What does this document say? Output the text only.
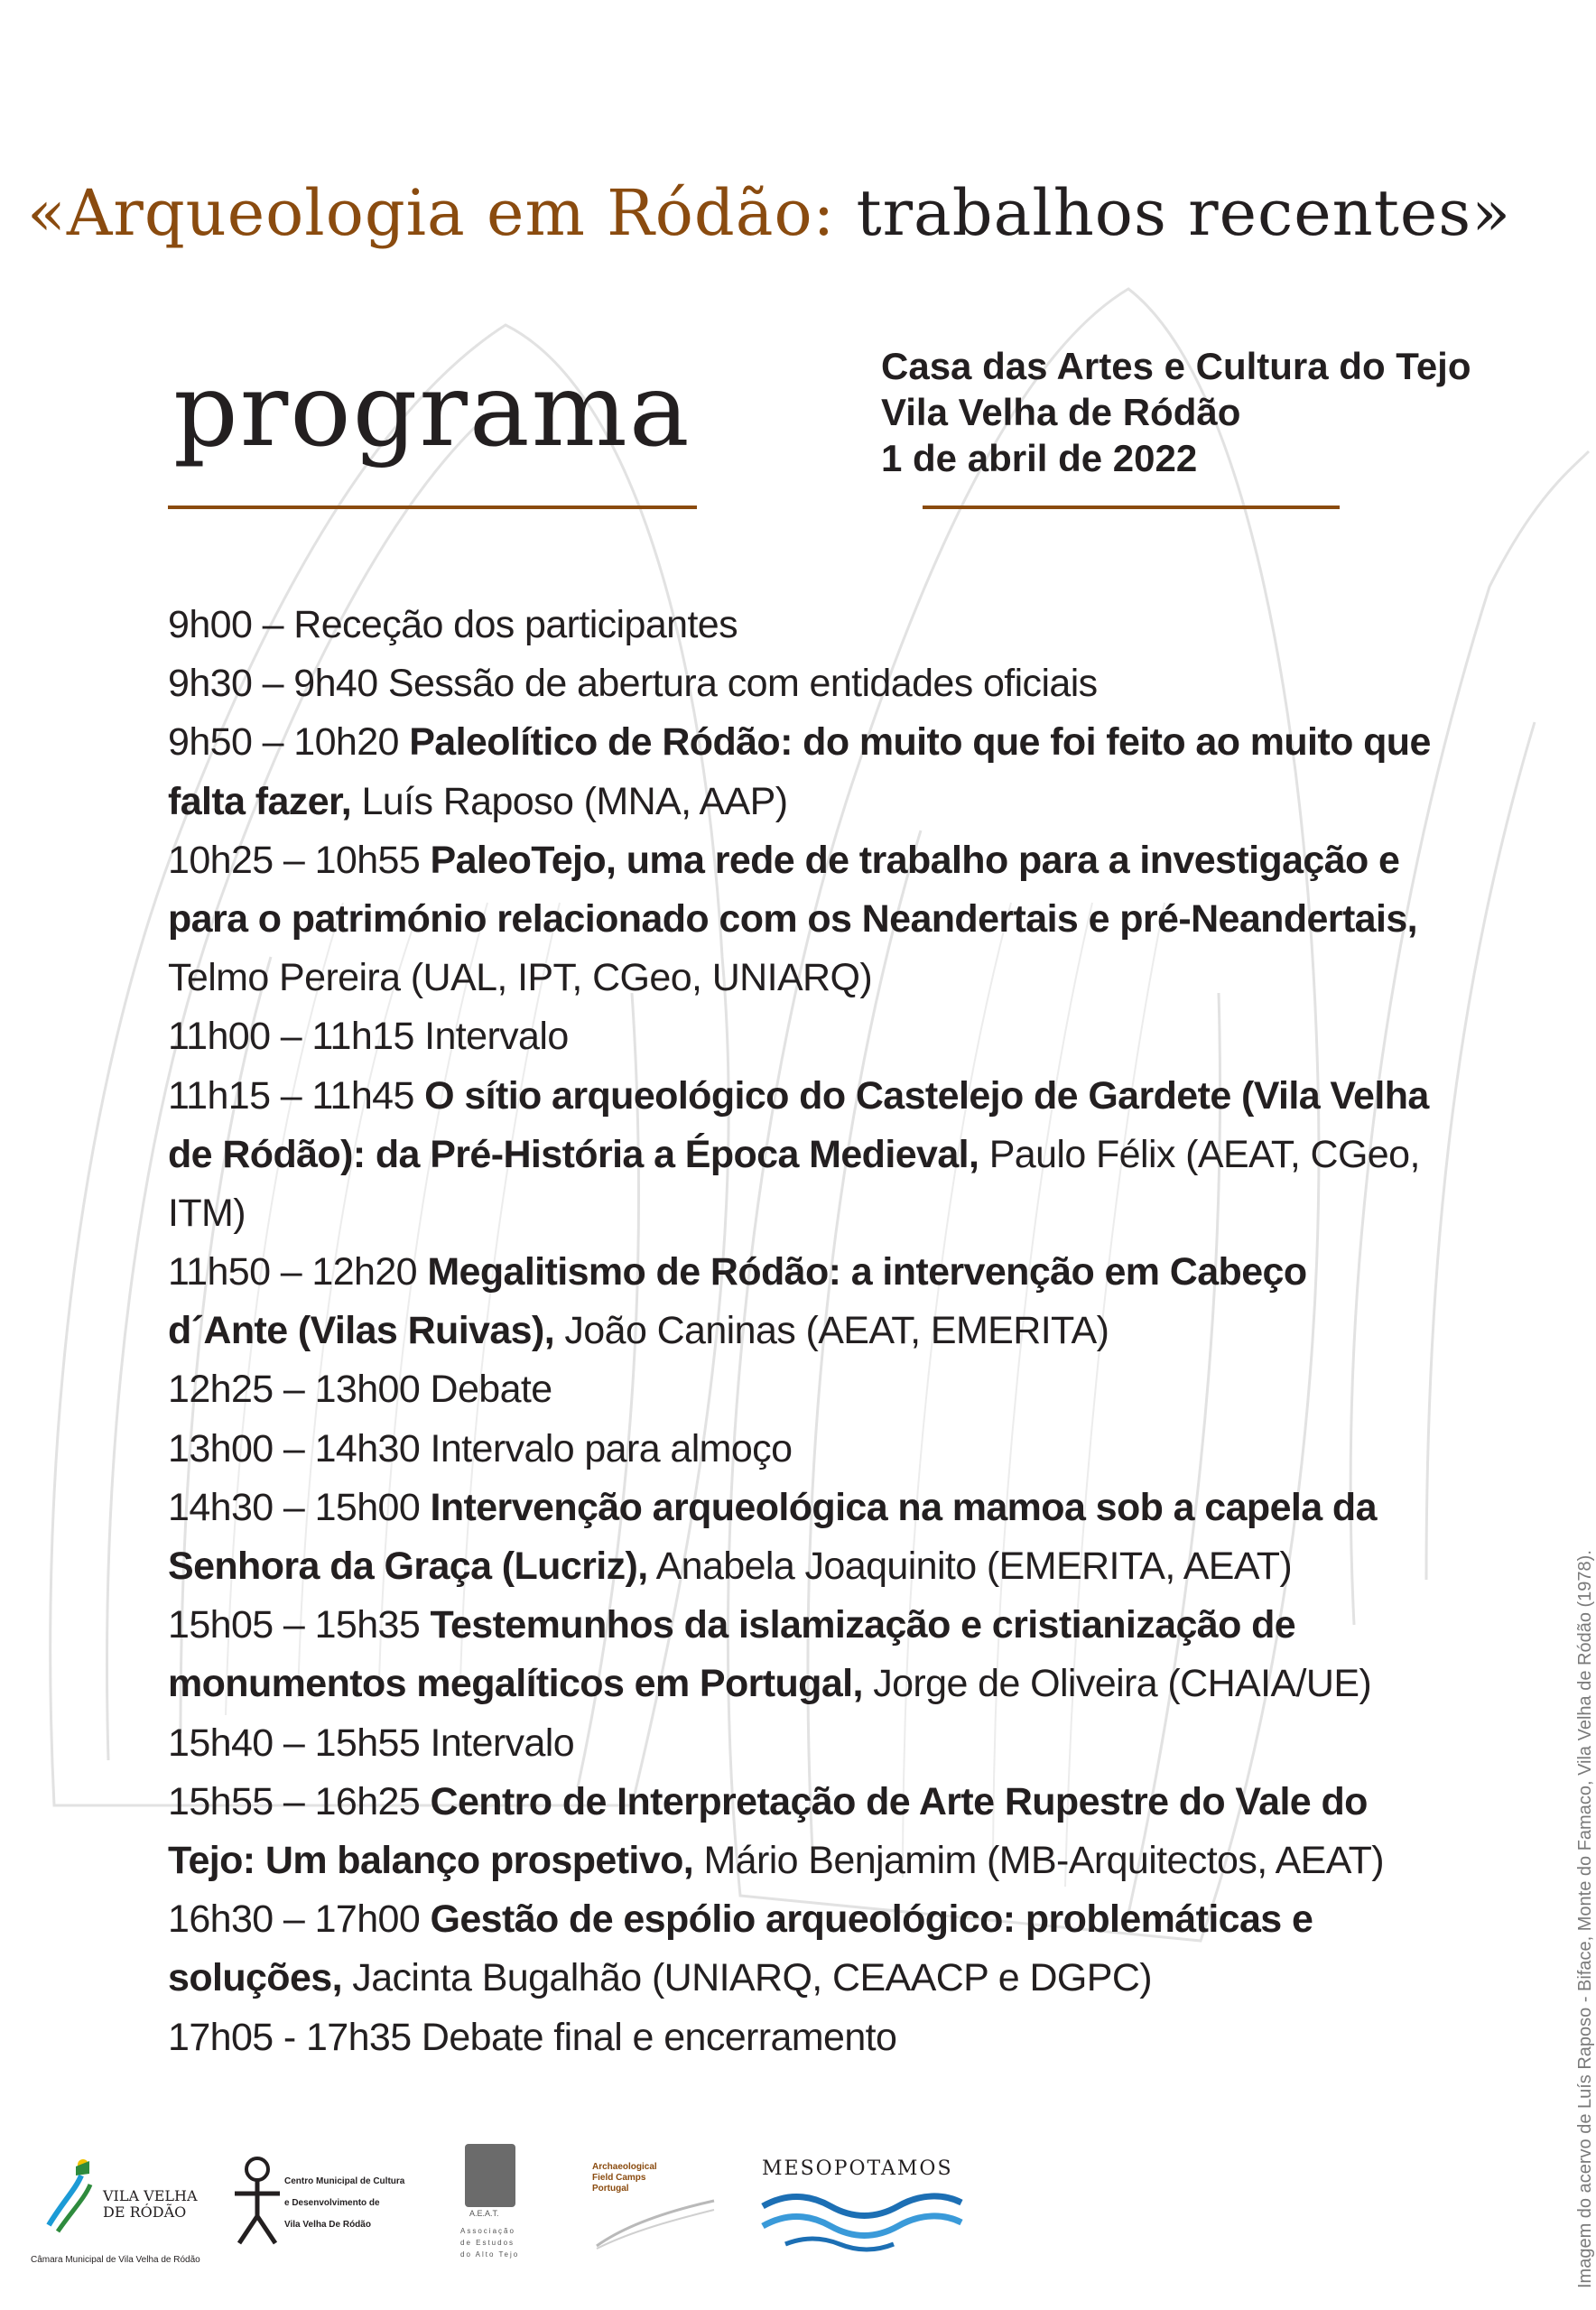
«Arqueologia em Ródão: trabalhos recentes»
programa	Casa das Artes e Cultura do Tejo
Vila Velha de Ródão
1 de abril de 2022
9h00 – Receção dos participantes
9h30 – 9h40 Sessão de abertura com entidades oficiais
9h50 – 10h20 Paleolítico de Ródão: do muito que foi feito ao muito que
falta fazer, Luís Raposo (MNA, AAP)
10h25 – 10h55 PaleoTejo, uma rede de trabalho para a investigação e
para o património relacionado com os Neandertais e pré-Neandertais,
Telmo Pereira (UAL, IPT, CGeo, UNIARQ)
11h00 – 11h15 Intervalo
11h15 – 11h45 O sítio arqueológico do Castelejo de Gardete (Vila Velha
de Ródão): da Pré-História a Época Medieval, Paulo Félix (AEAT, CGeo,
ITM)
11h50 – 12h20 Megalitismo de Ródão: a intervenção em Cabeço
d´Ante (Vilas Ruivas), João Caninas (AEAT, EMERITA)
12h25 – 13h00 Debate
13h00 – 14h30 Intervalo para almoço
14h30 – 15h00 Intervenção arqueológica na mamoa sob a capela da
Senhora da Graça (Lucriz), Anabela Joaquinito (EMERITA, AEAT)
15h05 – 15h35 Testemunhos da islamização e cristianização de
monumentos megalíticos em Portugal, Jorge de Oliveira (CHAIA/UE)
15h40 – 15h55 Intervalo
15h55 – 16h25 Centro de Interpretação de Arte Rupestre do Vale do
Tejo: Um balanço prospetivo, Mário Benjamim (MB-Arquitectos, AEAT)
16h30 – 17h00 Gestão de espólio arqueológico: problemáticas e
soluções, Jacinta Bugalhão (UNIARQ, CEAACP e DGPC)
17h05 - 17h35 Debate final e encerramento	Imagem do acervo de Luís Raposo - Biface, Monte do Famaco, Vila Velha de Ródão (1978).
VILA VELHA
DE RÓDÃO
Câmara Municipal de Vila Velha de Ródão
Centro Municipal de Cultura
e Desenvolvimento de
Vila Velha De Ródão
A.E.A.T.
Associação
de Estudos
do Alto Tejo
Archaeological
Field Camps
Portugal
MESOPOTAMOS
